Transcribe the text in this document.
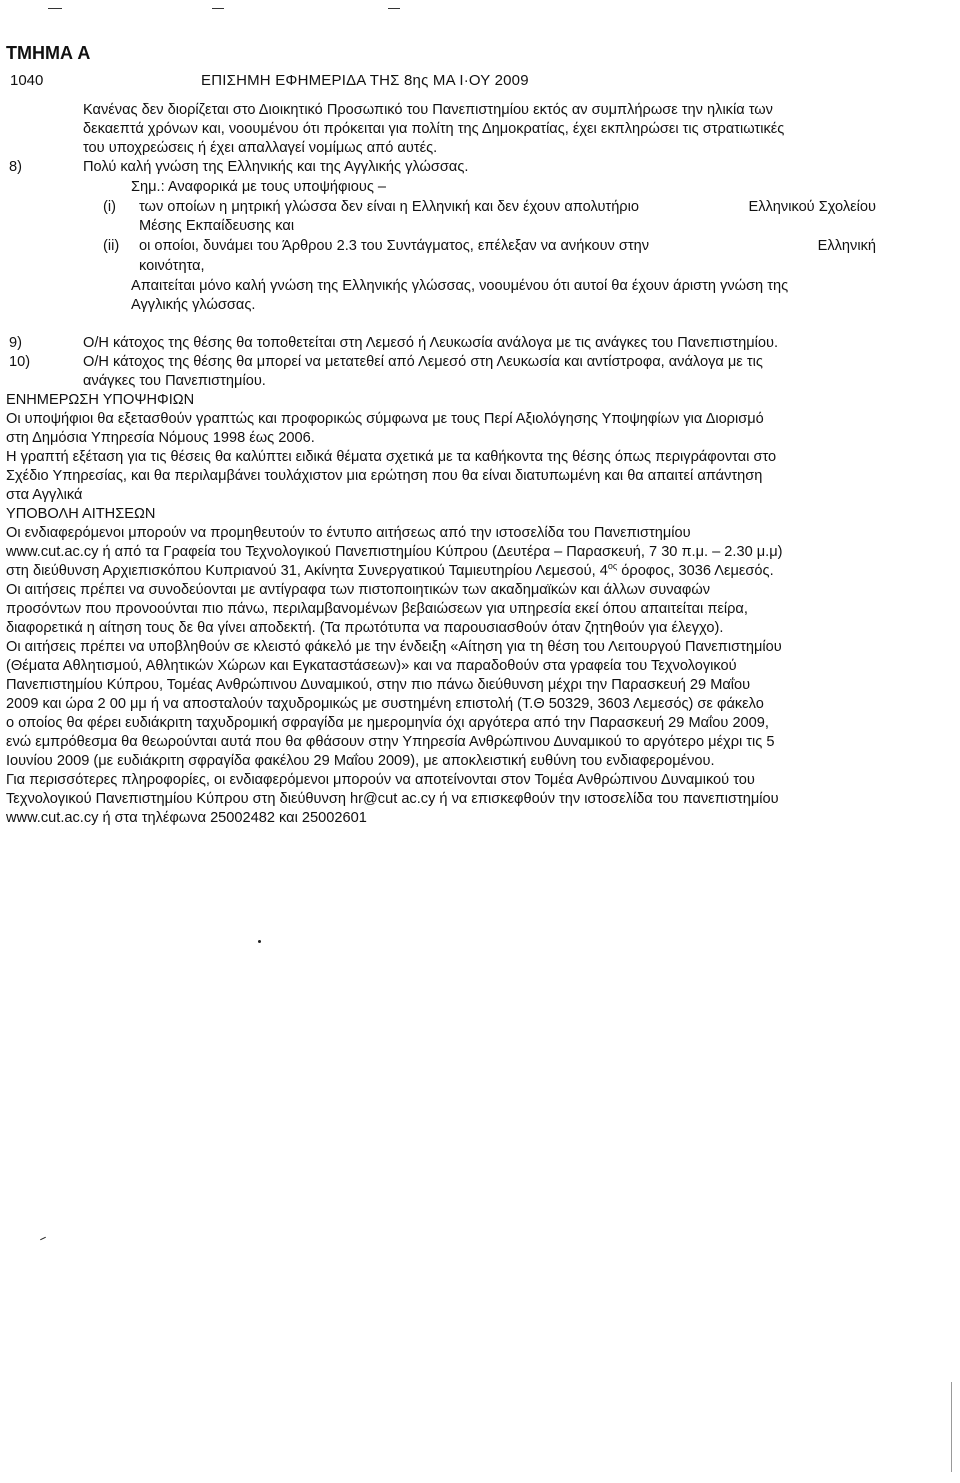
ΤΜΗΜΑ Α
1040	ΕΠΙΣΗΜΗ ΕΦΗΜΕΡΙΔΑ ΤΗΣ 8ης ΜΑ Ι·ΟΥ 2009
Κανένας δεν διορίζεται στο Διοικητικό Προσωπικό του Πανεπιστημίου εκτός αν συμπλήρωσε την ηλικία των
δεκαεπτά χρόνων και, νοουμένου ότι πρόκειται για πολίτη της Δημοκρατίας, έχει εκπληρώσει τις στρατιωτικές
του υποχρεώσεις ή έχει απαλλαγεί νομίμως από αυτές.
8)	Πολύ καλή γνώση της Ελληνικής και της Αγγλικής γλώσσας.
Σημ.: Αναφορικά με τους υποψήφιους –
(i) των οποίων η μητρική γλώσσα δεν είναι η Ελληνική και δεν έχουν απολυτήριο	Ελληνικού Σχολείου
Μέσης Εκπαίδευσης και
(ii) οι οποίοι, δυνάμει του Άρθρου 2.3 του Συντάγματος, επέλεξαν να ανήκουν στην	Ελληνική
κοινότητα,
Απαιτείται μόνο καλή γνώση της Ελληνικής γλώσσας, νοουμένου ότι αυτοί θα έχουν άριστη γνώση της
Αγγλικής γλώσσας.
9)	Ο/Η κάτοχος της θέσης θα τοποθετείται στη Λεμεσό ή Λευκωσία ανάλογα με τις ανάγκες του Πανεπιστημίου.
10)	Ο/Η κάτοχος της θέσης θα μπορεί να μετατεθεί από Λεμεσό στη Λευκωσία και αντίστροφα, ανάλογα με τις
ανάγκες του Πανεπιστημίου.
ΕΝΗΜΕΡΩΣΗ ΥΠΟΨΗΦΙΩΝ
Οι υποψήφιοι θα εξετασθούν γραπτώς και προφορικώς σύμφωνα με τους Περί Αξιολόγησης Υποψηφίων για Διορισμό
στη Δημόσια Υπηρεσία Νόμους 1998 έως 2006.
Η γραπτή εξέταση για τις θέσεις θα καλύπτει ειδικά θέματα σχετικά με τα καθήκοντα της θέσης όπως περιγράφονται στο
Σχέδιο Υπηρεσίας, και θα περιλαμβάνει τουλάχιστον μια ερώτηση που θα είναι διατυπωμένη και θα απαιτεί απάντηση
στα Αγγλικά
ΥΠΟΒΟΛΗ ΑΙΤΗΣΕΩΝ
Οι ενδιαφερόμενοι μπορούν να προμηθευτούν το έντυπο αιτήσεως από την ιστοσελίδα του Πανεπιστημίου
www.cut.ac.cy ή από τα Γραφεία του Τεχνολογικού Πανεπιστημίου Κύπρου (Δευτέρα – Παρασκευή, 7 30 π.μ. – 2.30 μ.μ)
στη διεύθυνση Αρχιεπισκόπου Κυπριανού 31, Ακίνητα Συνεργατικού Ταμιευτηρίου Λεμεσού, $4^{o\varsigma}$ όροφος, 3036 Λεμεσός.
Οι αιτήσεις πρέπει να συνοδεύονται με αντίγραφα των πιστοποιητικών των ακαδημαϊκών και άλλων συναφών
προσόντων που προνοούνται πιο πάνω, περιλαμβανομένων βεβαιώσεων για υπηρεσία εκεί όπου απαιτείται πείρα,
διαφορετικά η αίτηση τους δε θα γίνει αποδεκτή. (Τα πρωτότυπα να παρουσιασθούν όταν ζητηθούν για έλεγχο).
Οι αιτήσεις πρέπει να υποβληθούν σε κλειστό φάκελό με την ένδειξη «Αίτηση για τη θέση του Λειτουργού Πανεπιστημίου
(Θέματα Αθλητισμού, Αθλητικών Χώρων και Εγκαταστάσεων)» και να παραδοθούν στα γραφεία του Τεχνολογικού
Πανεπιστημίου Κύπρου, Τομέας Ανθρώπινου Δυναμικού, στην πιο πάνω διεύθυνση μέχρι την Παρασκευή 29 Μαΐου
2009 και ώρα 2 00 μμ ή να αποσταλούν ταχυδρομικώς με συστημένη επιστολή (Τ.Θ 50329, 3603 Λεμεσός) σε φάκελο
ο οποίος θα φέρει ευδιάκριτη ταχυδρομική σφραγίδα με ημερομηνία όχι αργότερα από την Παρασκευή 29 Μαΐου 2009,
ενώ εμπρόθεσμα θα θεωρούνται αυτά που θα φθάσουν στην Υπηρεσία Ανθρώπινου Δυναμικού το αργότερο μέχρι τις 5
Ιουνίου 2009 (με ευδιάκριτη σφραγίδα φακέλου 29 Μαΐου 2009), με αποκλειστική ευθύνη του ενδιαφερομένου.
Για περισσότερες πληροφορίες, οι ενδιαφερόμενοι μπορούν να αποτείνονται στον Τομέα Ανθρώπινου Δυναμικού του
Τεχνολογικού Πανεπιστημίου Κύπρου στη διεύθυνση hr@cut ac.cy ή να επισκεφθούν την ιστοσελίδα του πανεπιστημίου
www.cut.ac.cy ή στα τηλέφωνα 25002482 και 25002601
